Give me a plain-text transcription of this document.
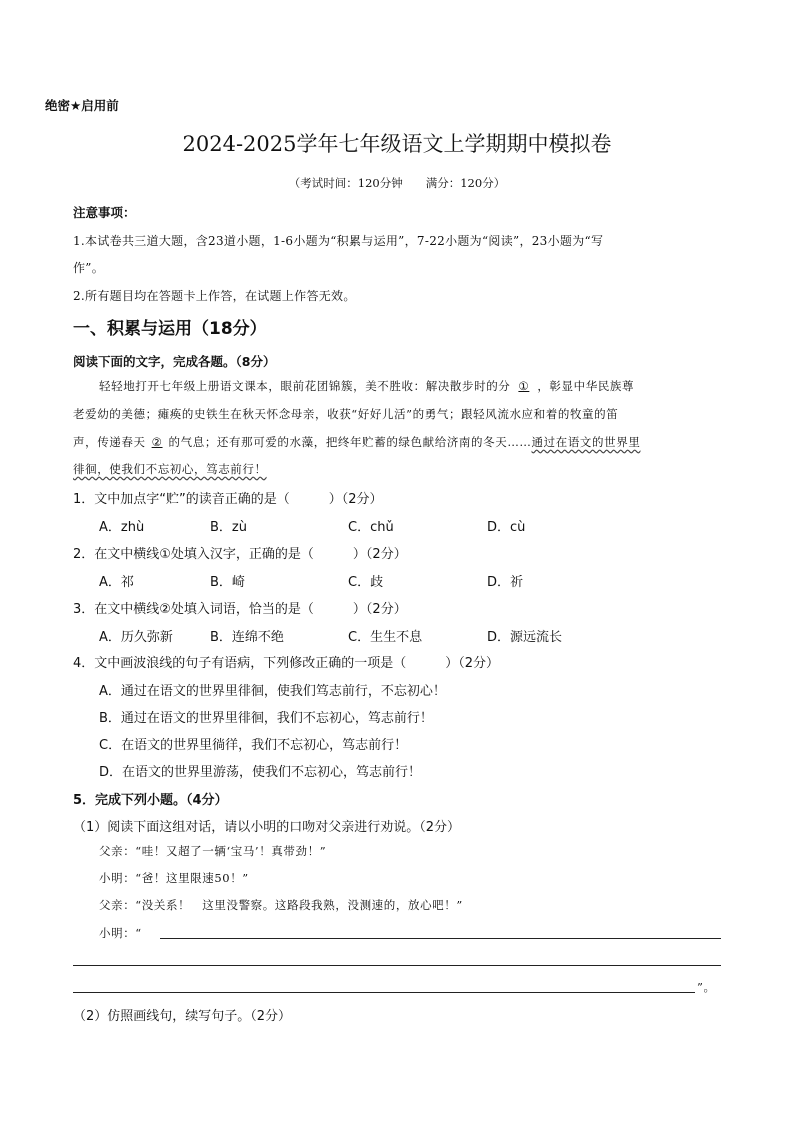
绝密★启用前
2024-2025学年七年级语文上学期期中模拟卷
（考试时间：120分钟　　满分：120分）
注意事项：
1.本试卷共三道大题，含23道小题，1-6小题为“积累与运用”，7-22小题为“阅读”，23小题为“写
作”。
2.所有题目均在答题卡上作答，在试题上作答无效。
一、积累与运用（18分）
阅读下面的文字，完成各题。（8分）
轻轻地打开七年级上册语文课本，眼前花团锦簇，美不胜收：解决散步时的分 ① ，彰显中华民族尊
老爱幼的美德；瘫痪的史铁生在秋天怀念母亲，收获“好好儿活”的勇气；跟轻风流水应和着的牧童的笛
声，传递春天 ② 的气息；还有那可爱的水藻，把终年贮蓄的绿色献给济南的冬天……通过在语文的世界里
徘徊，使我们不忘初心，笃志前行！
1．文中加点字“贮”的读音正确的是（　　　）（2分）
A．zhù	B．zù	C．chǔ	D．cù
2．在文中横线①处填入汉字，正确的是（　　　）（2分）
A．祁	B．崎	C．歧	D．祈
3．在文中横线②处填入词语，恰当的是（　　　）（2分）
A．历久弥新	B．连绵不绝	C．生生不息	D．源远流长
4．文中画波浪线的句子有语病，下列修改正确的一项是（　　　）（2分）
A．通过在语文的世界里徘徊，使我们笃志前行，不忘初心！
B．通过在语文的世界里徘徊，我们不忘初心，笃志前行！
C．在语文的世界里徜徉，我们不忘初心，笃志前行！
D．在语文的世界里游荡，使我们不忘初心，笃志前行！
5．完成下列小题。（4分）
（1）阅读下面这组对话，请以小明的口吻对父亲进行劝说。（2分）
父亲：“哇！又超了一辆‘宝马’！真带劲！”
小明：“爸！这里限速50！”
父亲：“没关系！　这里没警察。这路段我熟，没测速的，放心吧！”
小明：“
”。
（2）仿照画线句，续写句子。（2分）
